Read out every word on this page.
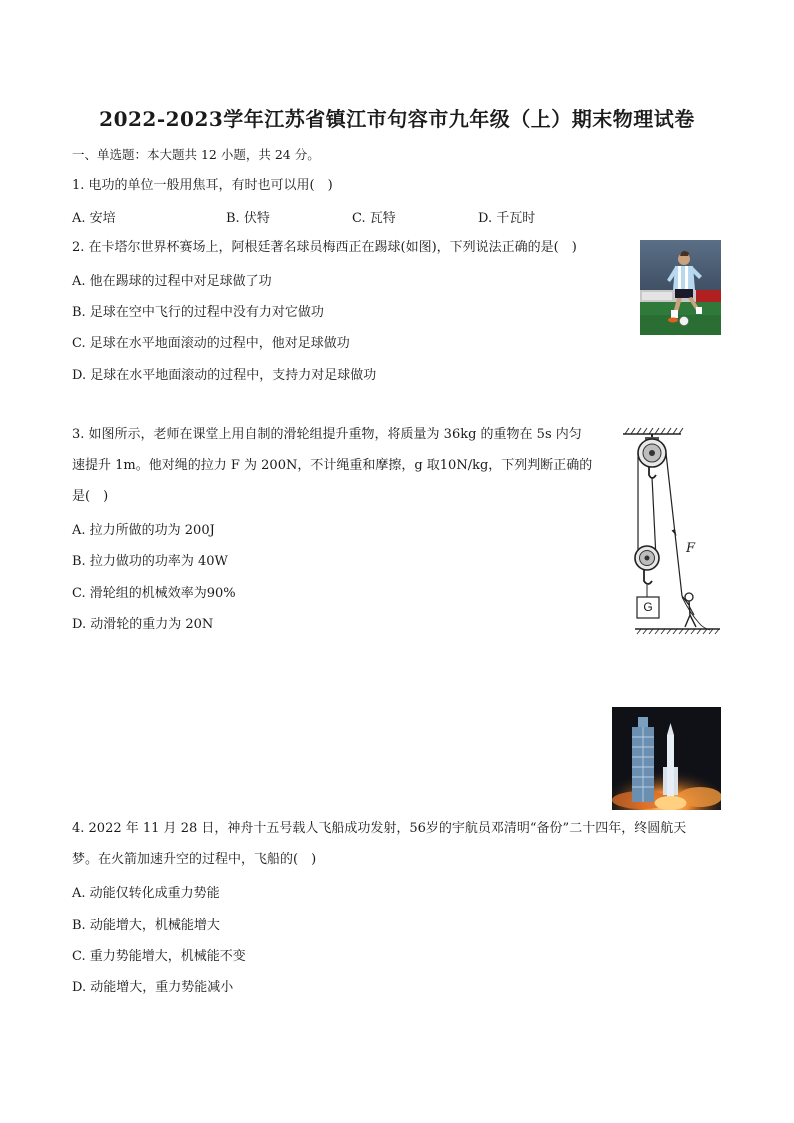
2022-2023学年江苏省镇江市句容市九年级（上）期末物理试卷
一、单选题：本大题共 12 小题，共 24 分。
1. 电功的单位一般用焦耳，有时也可以用(　)
A. 安培	B. 伏特	C. 瓦特	D. 千瓦时
2. 在卡塔尔世界杯赛场上，阿根廷著名球员梅西正在踢球(如图)，下列说法正确的是(　)
A. 他在踢球的过程中对足球做了功
B. 足球在空中飞行的过程中没有力对它做功
C. 足球在水平地面滚动的过程中，他对足球做功
D. 足球在水平地面滚动的过程中，支持力对足球做功
3. 如图所示，老师在课堂上用自制的滑轮组提升重物，将质量为 36kg 的重物在 5s 内匀
速提升 1m。他对绳的拉力 F 为 200N，不计绳重和摩擦，g 取10N/kg，下列判断正确的
是(　)
A. 拉力所做的功为 200J
B. 拉力做功的功率为 40W
C. 滑轮组的机械效率为90%
D. 动滑轮的重力为 20N
F
G
4. 2022 年 11 月 28 日，神舟十五号载人飞船成功发射，56岁的宇航员邓清明“备份”二十四年，终圆航天
梦。在火箭加速升空的过程中，飞船的(　)
A. 动能仅转化成重力势能
B. 动能增大，机械能增大
C. 重力势能增大，机械能不变
D. 动能增大，重力势能减小
